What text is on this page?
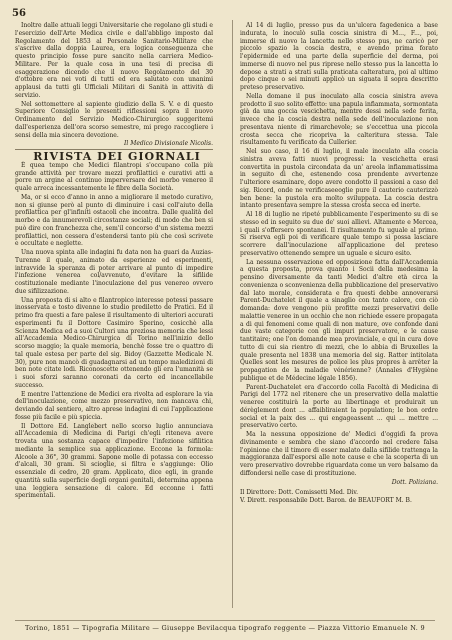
56

Inoltre dalle attuali leggi Universitarie che regolano gli studi e l'esercizio dell'Arte Medica civile e dall'abbligo imposto dal Regolamento del 1853 al Personale Sanitario-Militare che s'ascrive dalla doppia Laurea, era logica conseguenza che questo principio fosse pure sancito nella carriera Medico-Militare. Per la quale cosa in una tesi di precisa di esaggerazione dicendo che il nuovo Regolamento del 30 d'ottobre era nei voti di tutti ed era salutato con unanimi applausi da tutti gli Ufficiali Militari di Sanità in attività di servizio.

Nel sottomettere al sapiente giudizio della S. V. e di questo Superiore Consiglio le presenti riflessioni sopra il nuovo Ordinamento del Servizio Medico-Chirurgico suggeritemi dall'esperienza dell'ora scorso semestre, mi prego raccogliere i sensi della mia sincera devozione.

Il Medico Divisionale Nicolis.

RIVISTA DEI GIORNALI

È quea tempo che Medici filantropi s'occupano colla più grande attività per trovare mezzi profilattici e curativi atti a porre un argine al continuo imperversare del morbo venereo il quale arreca incessantemente le fibre della Società.

Ma, or si ecco d'anno in anno a migliorare il metodo curativo, non si giunse però al punto di diminuire i casi coll'aiuto della profilattica per gl'infiniti ostacoli che incontra. Dalle qualità del morbo e da innumerevoli circostanze sociali; di modo che ben si può dire con franchezza che, sem'il concorso d'un sistema mezzi profilattici, non cessera d'estendersi tanto più che così scrivete e occultate e neglette.

Una nuova spinta alle indagini fu data non ha guari da Auzias-Turenne il quale, animato da esperienze ed esperimenti, intravvide la speranza di poter arrivare al punto di impedire l'infezione venerea col/avvenuto, d'evitare la sifilide costituzionale mediante l'inoculazione del pus venereo ovvero due sifilizzazione.

Una proposta di si alto e filantropico interesse potessi passare inosservata e tosto divenne lo studio prediletto de Pratici. Ed il primo fra questi a fare palese il risultamento di ulteriori accurati esperimenti fu il Dottore Casimiro Sperino, cosicchè alla Scienza Medica ed a suoi Cultori una preziosa memoria che lessi all'Accademia Medico-Chirurgica di Torino nell'inizio dello scorso maggio; la quale memoria, benchè fosse tre o quattro di tal quale estesa per parte del sig. Bidoy (Gazzette Medicale N. 30), pure non mancò di guadagnarsi ad un tempo maledizioni di ben note citate lodi. Riconoscette ottenendo gli era l'umanità se i suoi sforzi saranno coronati da certo ed incancellabile successo.

E mentre l'attenzione de Medici era rivolta ad esplorare la via dell'inoculazione, come mezzo preservativo, non mancava chi, deviando dal sentiero, altro aprese indagini di cui l'applicazione fosse più facile e più spiccia.

Il Dottore Ed. Langlebert nello scorso luglio annunciava all'Accademia di Medicina di Parigi ch'egli riteneva avere trovata una sostanza capace d'impedire l'infezione sifilitica mediante la semplice sua applicazione. Eccone la formola: Alcoole a 36°, 30 grammi. Sapone molle di potassa con eccesso d'alcali, 30 gram. Si scioglie, si filtra e s'aggiunge: Olio essenziale di cedro, 20 gram. Applicato, dice egli, in grande quantità sulla superficie degli organi genitali, determina appena una leggiera sensazione di calore. Ed ecconne i fatti sperimentali.

Al 14 di luglio, presso pus da un'ulcera fagedenica a base indurata, lo inoculò sulla coscia sinistra di M..., F..., poi, immerse di nuovo la lancetta nello stesso pus, ne caricò per piccolo spazio la coscia destra, e avendo prima forato l'epidermide ed una parte della superficie del derma, poi immerse di nuovo nel pus riprese nello stesso pus la lancetta lo depose a strati a strati sulla praticata calteratura, poi al ultimo dopo cinque o sei minuti applicò un siguata il sopra descritto preteso preservativo.

Nella domane il pus inoculato alla coscia sinistra aveva prodotto il suo solito effetto: una papula infiammata, sormontata già da una goccia vescichetta, mentre dessi nella sede ferita, invece che la coscia destra nella sede dell'inoculazione non presentava niente di rimarchevole; se s'eccettua una piccola crosta secca che ricopriva la calteritura stessa. Tale risultamento fu verificato da Cullerier.

Nel suo caso, il 16 di luglio, il male inoculato alla coscia sinistra aveva fatti nuovi progressi: la vescichetta erasi convertita in pustola circondata da un' areola infiammatissima in seguito di che, estenendo cosa prendente avvertenze l'ulteriore esaminare, dopo avere condotto il passioni a caso del sig. Ricord, onde ne verificaseeoglie pure il cauterio cauterizzò ben bene: la pustola era molto sviluppata. La coscia destra intanto presentava sempre la stessa crosta secca ed inerte.

Al 18 di luglio ne ripeté pubblicamente l'esperimento su di se stesso ed in seguito su due de' suoi allievi. Altamente e Mercea, i quali s'offersero spontanei. Il risultamento fu uguale al primo. Si riserva egli poi di verificare quale tempo si possa lasciare scorrere dall'inoculazione all'applicazione del preteso preservativo ottenendo sempre un uguale e sicuro esito.

La nessuna osservazione ed opposizione fatta dall'Accademia a questa proposta, prova quanto i Socii della medesima la pensino diversamente da tanti Medici d'altre età circa la convenienza o sconvenienza della pubblicazione del preservativo dal lato morale, considerata e fra questi debbe annoverarsi Parent-Duchatelet il quale a sinaglio con tanto calore, con ciò domanda: dove vengono più profitte mezzi preservativi delle malattie veneree in un occhio che non richiede essere propagata a di qui fenomeni come quali di non mature, ove confonde dani due vaste categorie con gli impuri preservatore, e le cause tantitaire; one l'on domande mea provinciale, e qui in cura dove tutto di cui sia rientro di mezzi, che lo abbia di Bruxelles la quale presenta nel 1838 una memoria del sig. Ratter intitolata Quelles sont les mesures de police les plus propres à arrêter la propagation de la maladie vénérienne? (Annales d'Hygiène publique et de Médecine légale 1856).

Parent-Duchatelet era d'accordo colla Facoltà di Medicina di Parigi del 1772 nel ritenere che un preservativo della malattie veneree costituirà la porte au libertinage et produirait un dérèglement dont ... affaibliraient la population; le bon ordre social et la paix des ... qui engageassent ... qui ... mettre ... preservativo certo.

Ma la nessuna opposizione de' Medici d'oggidì fa prova divinamente e sembra che siano d'accordo nel credere falsa l'opinione che il timore di esser malato dalla sifilide trattenga la maggioranza dall'esporsi alle note cause e che la scoperta di un vero preservativo dovrebbe riguardata come un vero balsamo da diffondersi nelle case di prostituzione.

Dott. Poliziana.

Il Direttore: Dott. Comissetti Med. Div.
V. Dirett. responsabile Dott. Baron. de BEAUFORT M. B.
Torino, 1851 — Tipografia Militare — Giuseppe Bevilacqua tipografo reggente — Piazza Vittorio Emanuele N. 9
